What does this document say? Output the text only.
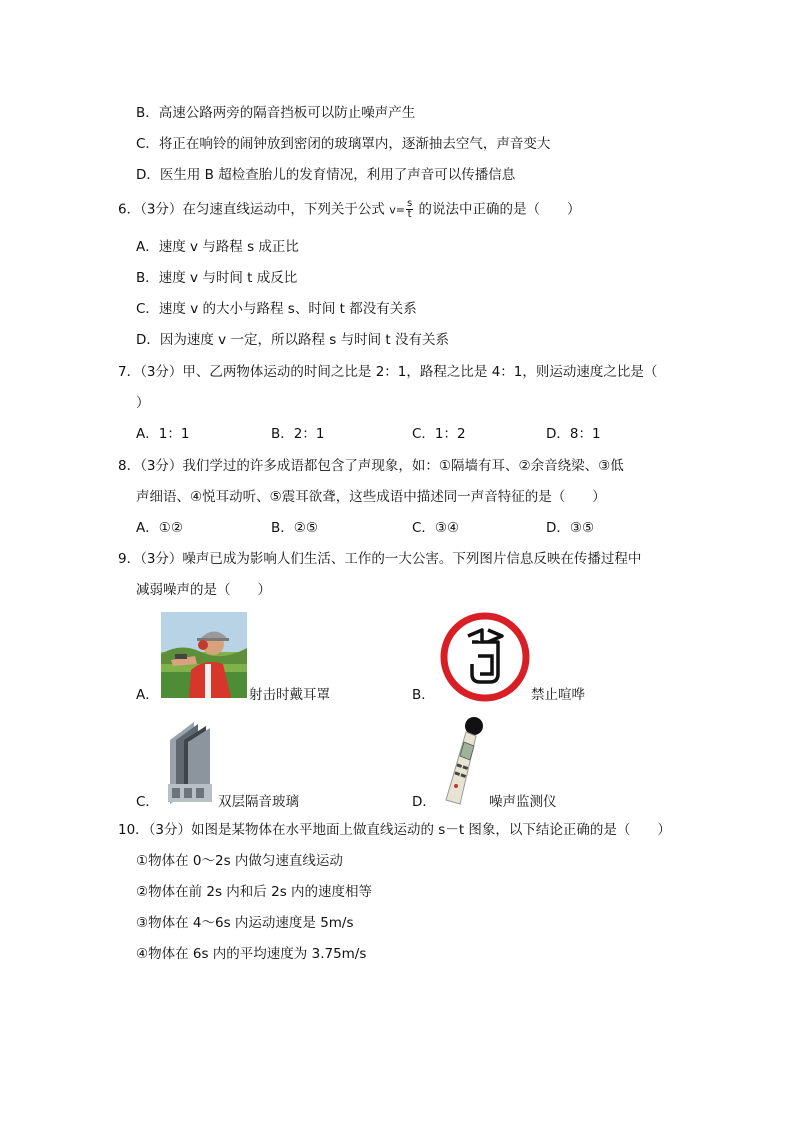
B．高速公路两旁的隔音挡板可以防止噪声产生
C．将正在响铃的闹钟放到密闭的玻璃罩内，逐渐抽去空气，声音变大
D．医生用 B 超检查胎儿的发育情况，利用了声音可以传播信息
6．（3分）在匀速直线运动中，下列关于公式 $v= \frac{s}{t}$ 的说法中正确的是（　　）
A．速度 v 与路程 s 成正比
B．速度 v 与时间 t 成反比
C．速度 v 的大小与路程 s、时间 t 都没有关系
D．因为速度 v 一定，所以路程 s 与时间 t 没有关系
7．（3分）甲、乙两物体运动的时间之比是 2：1，路程之比是 4：1，则运动速度之比是（
）
A．1：1	B．2：1	C．1：2	D．8：1
8．（3分）我们学过的许多成语都包含了声现象，如：①隔墙有耳、②余音绕梁、③低
声细语、④悦耳动听、⑤震耳欲聋，这些成语中描述同一声音特征的是（　　）
A．①②	B．②⑤	C．③④	D．③⑤
9．（3分）噪声已成为影响人们生活、工作的一大公害。下列图片信息反映在传播过程中
减弱噪声的是（　　）
A．	射击时戴耳罩	B．	禁止喧哗
C．	双层隔音玻璃	D．	噪声监测仪
10．（3分）如图是某物体在水平地面上做直线运动的 s－t 图象，以下结论正确的是（　　）
①物体在 0～2s 内做匀速直线运动
②物体在前 2s 内和后 2s 内的速度相等
③物体在 4～6s 内运动速度是 5m/s
④物体在 6s 内的平均速度为 3.75m/s
